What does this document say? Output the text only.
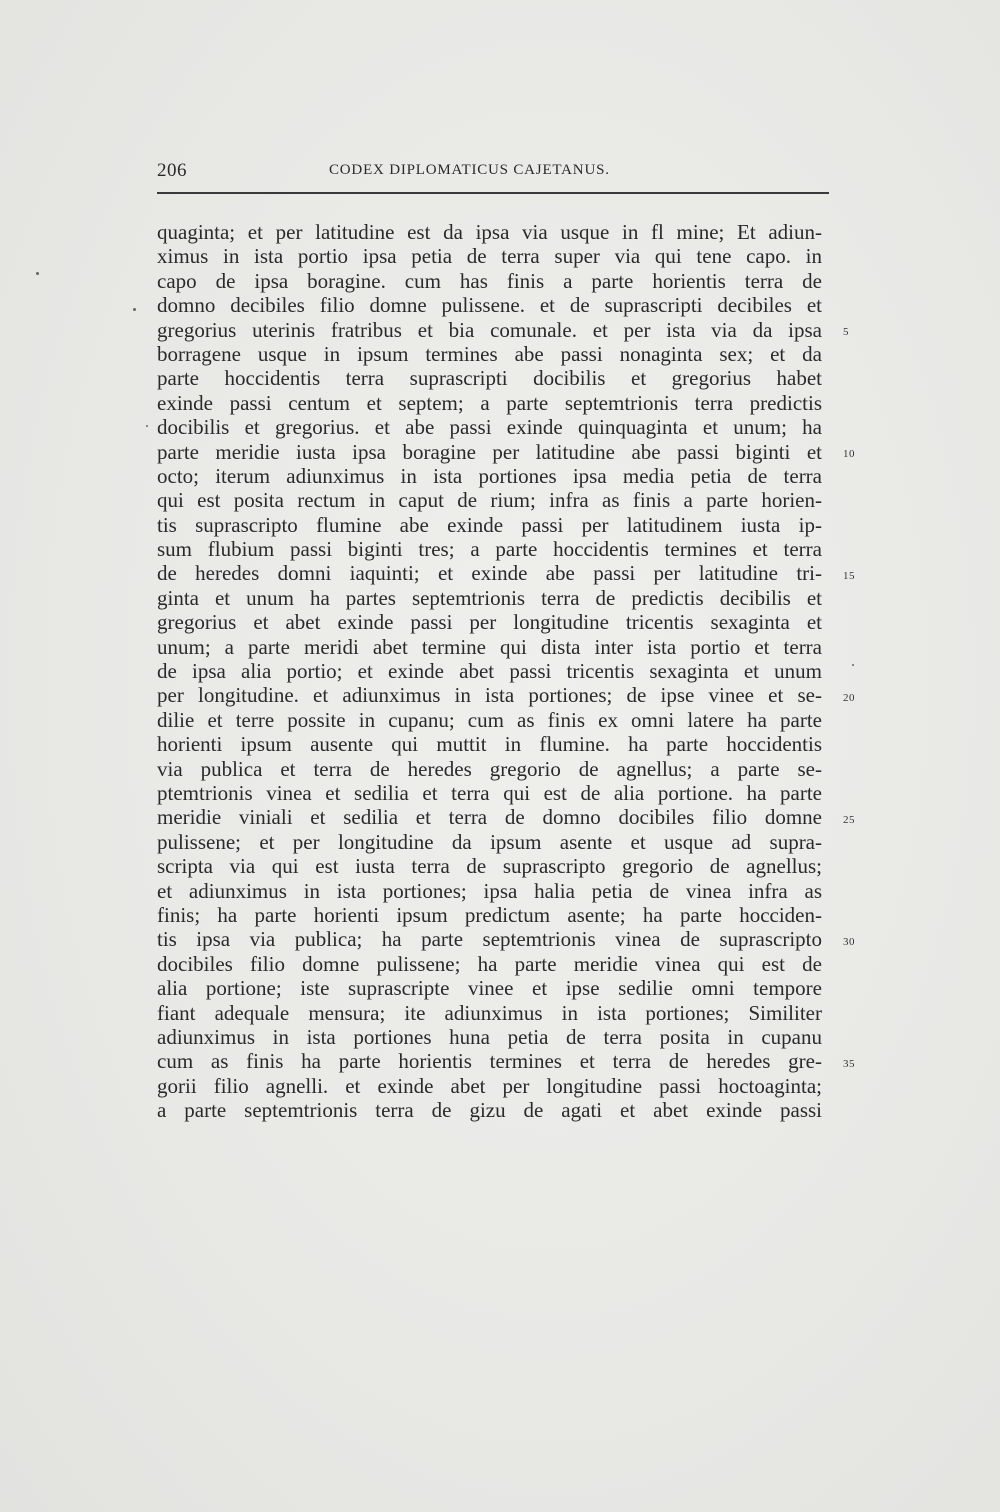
206	CODEX DIPLOMATICUS CAJETANUS.
quaginta; et per latitudine est da ipsa via usque in fl mine; Et adiun-
ximus in ista portio ipsa petia de terra super via qui tene capo. in
capo de ipsa boragine. cum has finis a parte horientis terra de
domno decibiles filio domne pulissene. et de suprascripti decibiles et
gregorius uterinis fratribus et bia comunale. et per ista via da ipsa
borragene usque in ipsum termines abe passi nonaginta sex; et da
parte hoccidentis terra suprascripti docibilis et gregorius habet
exinde passi centum et septem; a parte septemtrionis terra predictis
docibilis et gregorius. et abe passi exinde quinquaginta et unum; ha
parte meridie iusta ipsa boragine per latitudine abe passi biginti et
octo; iterum adiunximus in ista portiones ipsa media petia de terra
qui est posita rectum in caput de rium; infra as finis a parte horien-
tis suprascripto flumine abe exinde passi per latitudinem iusta ip-
sum flubium passi biginti tres; a parte hoccidentis termines et terra
de heredes domni iaquinti; et exinde abe passi per latitudine tri-
ginta et unum ha partes septemtrionis terra de predictis decibilis et
gregorius et abet exinde passi per longitudine tricentis sexaginta et
unum; a parte meridi abet termine qui dista inter ista portio et terra
de ipsa alia portio; et exinde abet passi tricentis sexaginta et unum
per longitudine. et adiunximus in ista portiones; de ipse vinee et se-
dilie et terre possite in cupanu; cum as finis ex omni latere ha parte
horienti ipsum ausente qui muttit in flumine. ha parte hoccidentis
via publica et terra de heredes gregorio de agnellus; a parte se-
ptemtrionis vinea et sedilia et terra qui est de alia portione. ha parte
meridie viniali et sedilia et terra de domno docibiles filio domne
pulissene; et per longitudine da ipsum asente et usque ad supra-
scripta via qui est iusta terra de suprascripto gregorio de agnellus;
et adiunximus in ista portiones; ipsa halia petia de vinea infra as
finis; ha parte horienti ipsum predictum asente; ha parte hocciden-
tis ipsa via publica; ha parte septemtrionis vinea de suprascripto
docibiles filio domne pulissene; ha parte meridie vinea qui est de
alia portione; iste suprascripte vinee et ipse sedilie omni tempore
fiant adequale mensura; ite adiunximus in ista portiones; Similiter
adiunximus in ista portiones huna petia de terra posita in cupanu
cum as finis ha parte horientis termines et terra de heredes gre-
gorii filio agnelli. et exinde abet per longitudine passi hoctoaginta;
a parte septemtrionis terra de gizu de agati et abet exinde passi
5
10
15
20
25
30
35
